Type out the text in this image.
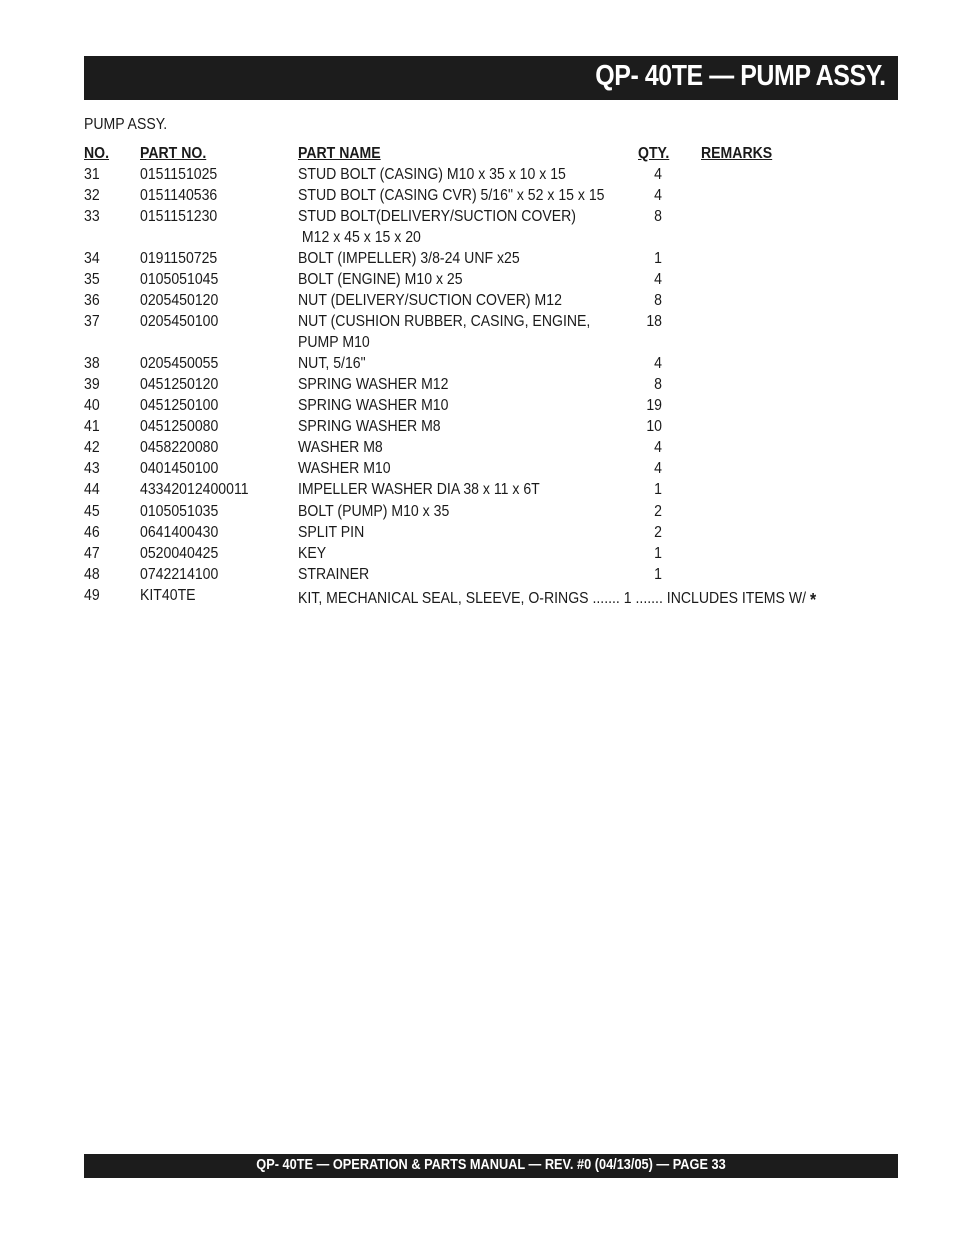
QP- 40TE — PUMP ASSY.
PUMP ASSY.
NO. PART NO.	PART NAME	QTY. REMARKS
31	0151151025	STUD BOLT (CASING) M10 x 35 x 10 x 15	4
32	0151140536	STUD BOLT (CASING CVR) 5/16" x 52 x 15 x 15	4
33	0151151230	STUD BOLT(DELIVERY/SUCTION COVER)	8
M12 x 45 x 15 x 20
34	0191150725	BOLT (IMPELLER) 3/8-24 UNF x25	1
35	0105051045	BOLT (ENGINE) M10 x 25	4
36	0205450120	NUT (DELIVERY/SUCTION COVER) M12	8
37	0205450100	NUT (CUSHION RUBBER, CASING, ENGINE,	18
PUMP M10
38	0205450055	NUT, 5/16"	4
39	0451250120	SPRING WASHER M12	8
40	0451250100	SPRING WASHER M10	19
41	0451250080	SPRING WASHER M8	10
42	0458220080	WASHER M8	4
43	0401450100	WASHER M10	4
44	43342012400011	IMPELLER WASHER DIA 38 x 11 x 6T	1
45	0105051035	BOLT (PUMP) M10 x 35	2
46	0641400430	SPLIT PIN	2
47	0520040425	KEY	1
48	0742214100	STRAINER	1
49	KIT40TE	KIT, MECHANICAL SEAL, SLEEVE, O-RINGS ....... 1 ....... INCLUDES ITEMS W/ *
QP- 40TE — OPERATION & PARTS MANUAL — REV. #0 (04/13/05) — PAGE 33
